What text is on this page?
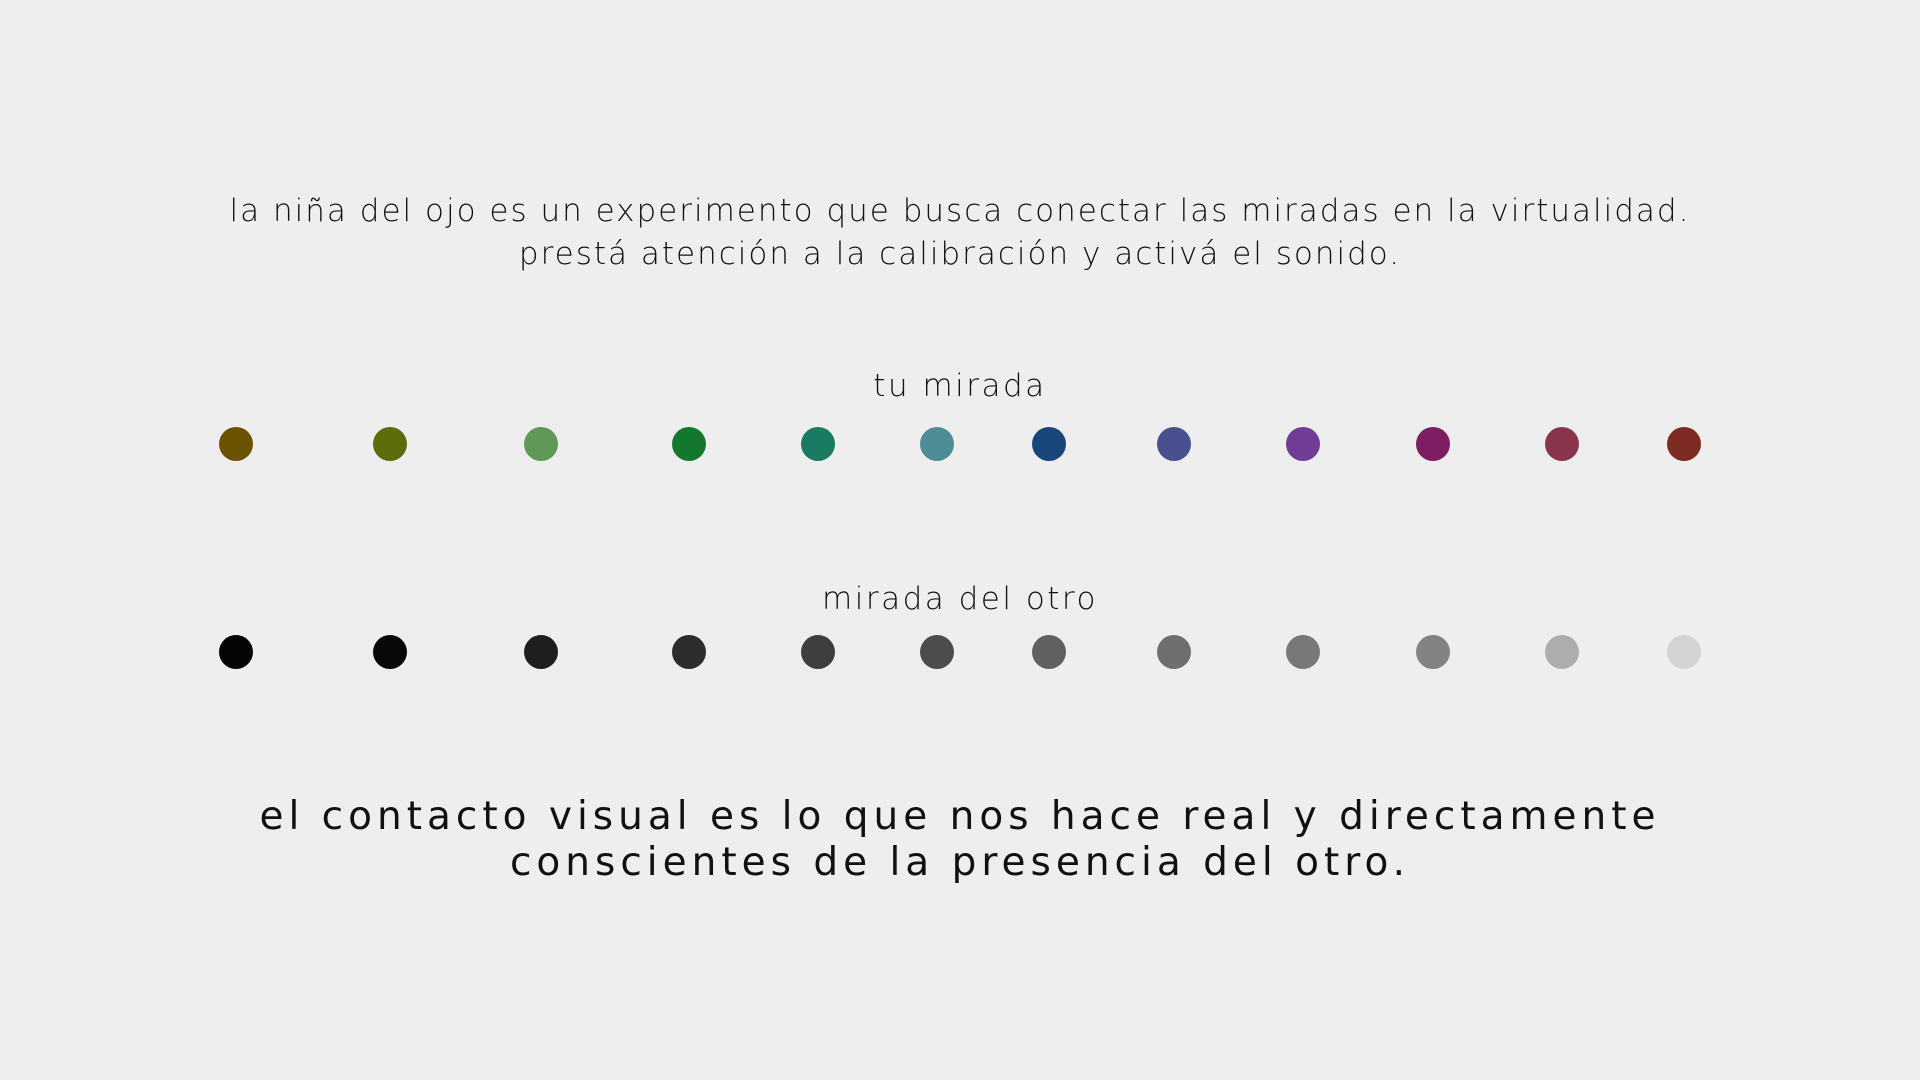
la niña del ojo es un experimento que busca conectar las miradas en la virtualidad.

prestá atención a la calibración y activá el sonido.

tu mirada
mirada del otro

el contacto visual es lo que nos hace real y directamente

conscientes de la presencia del otro.
